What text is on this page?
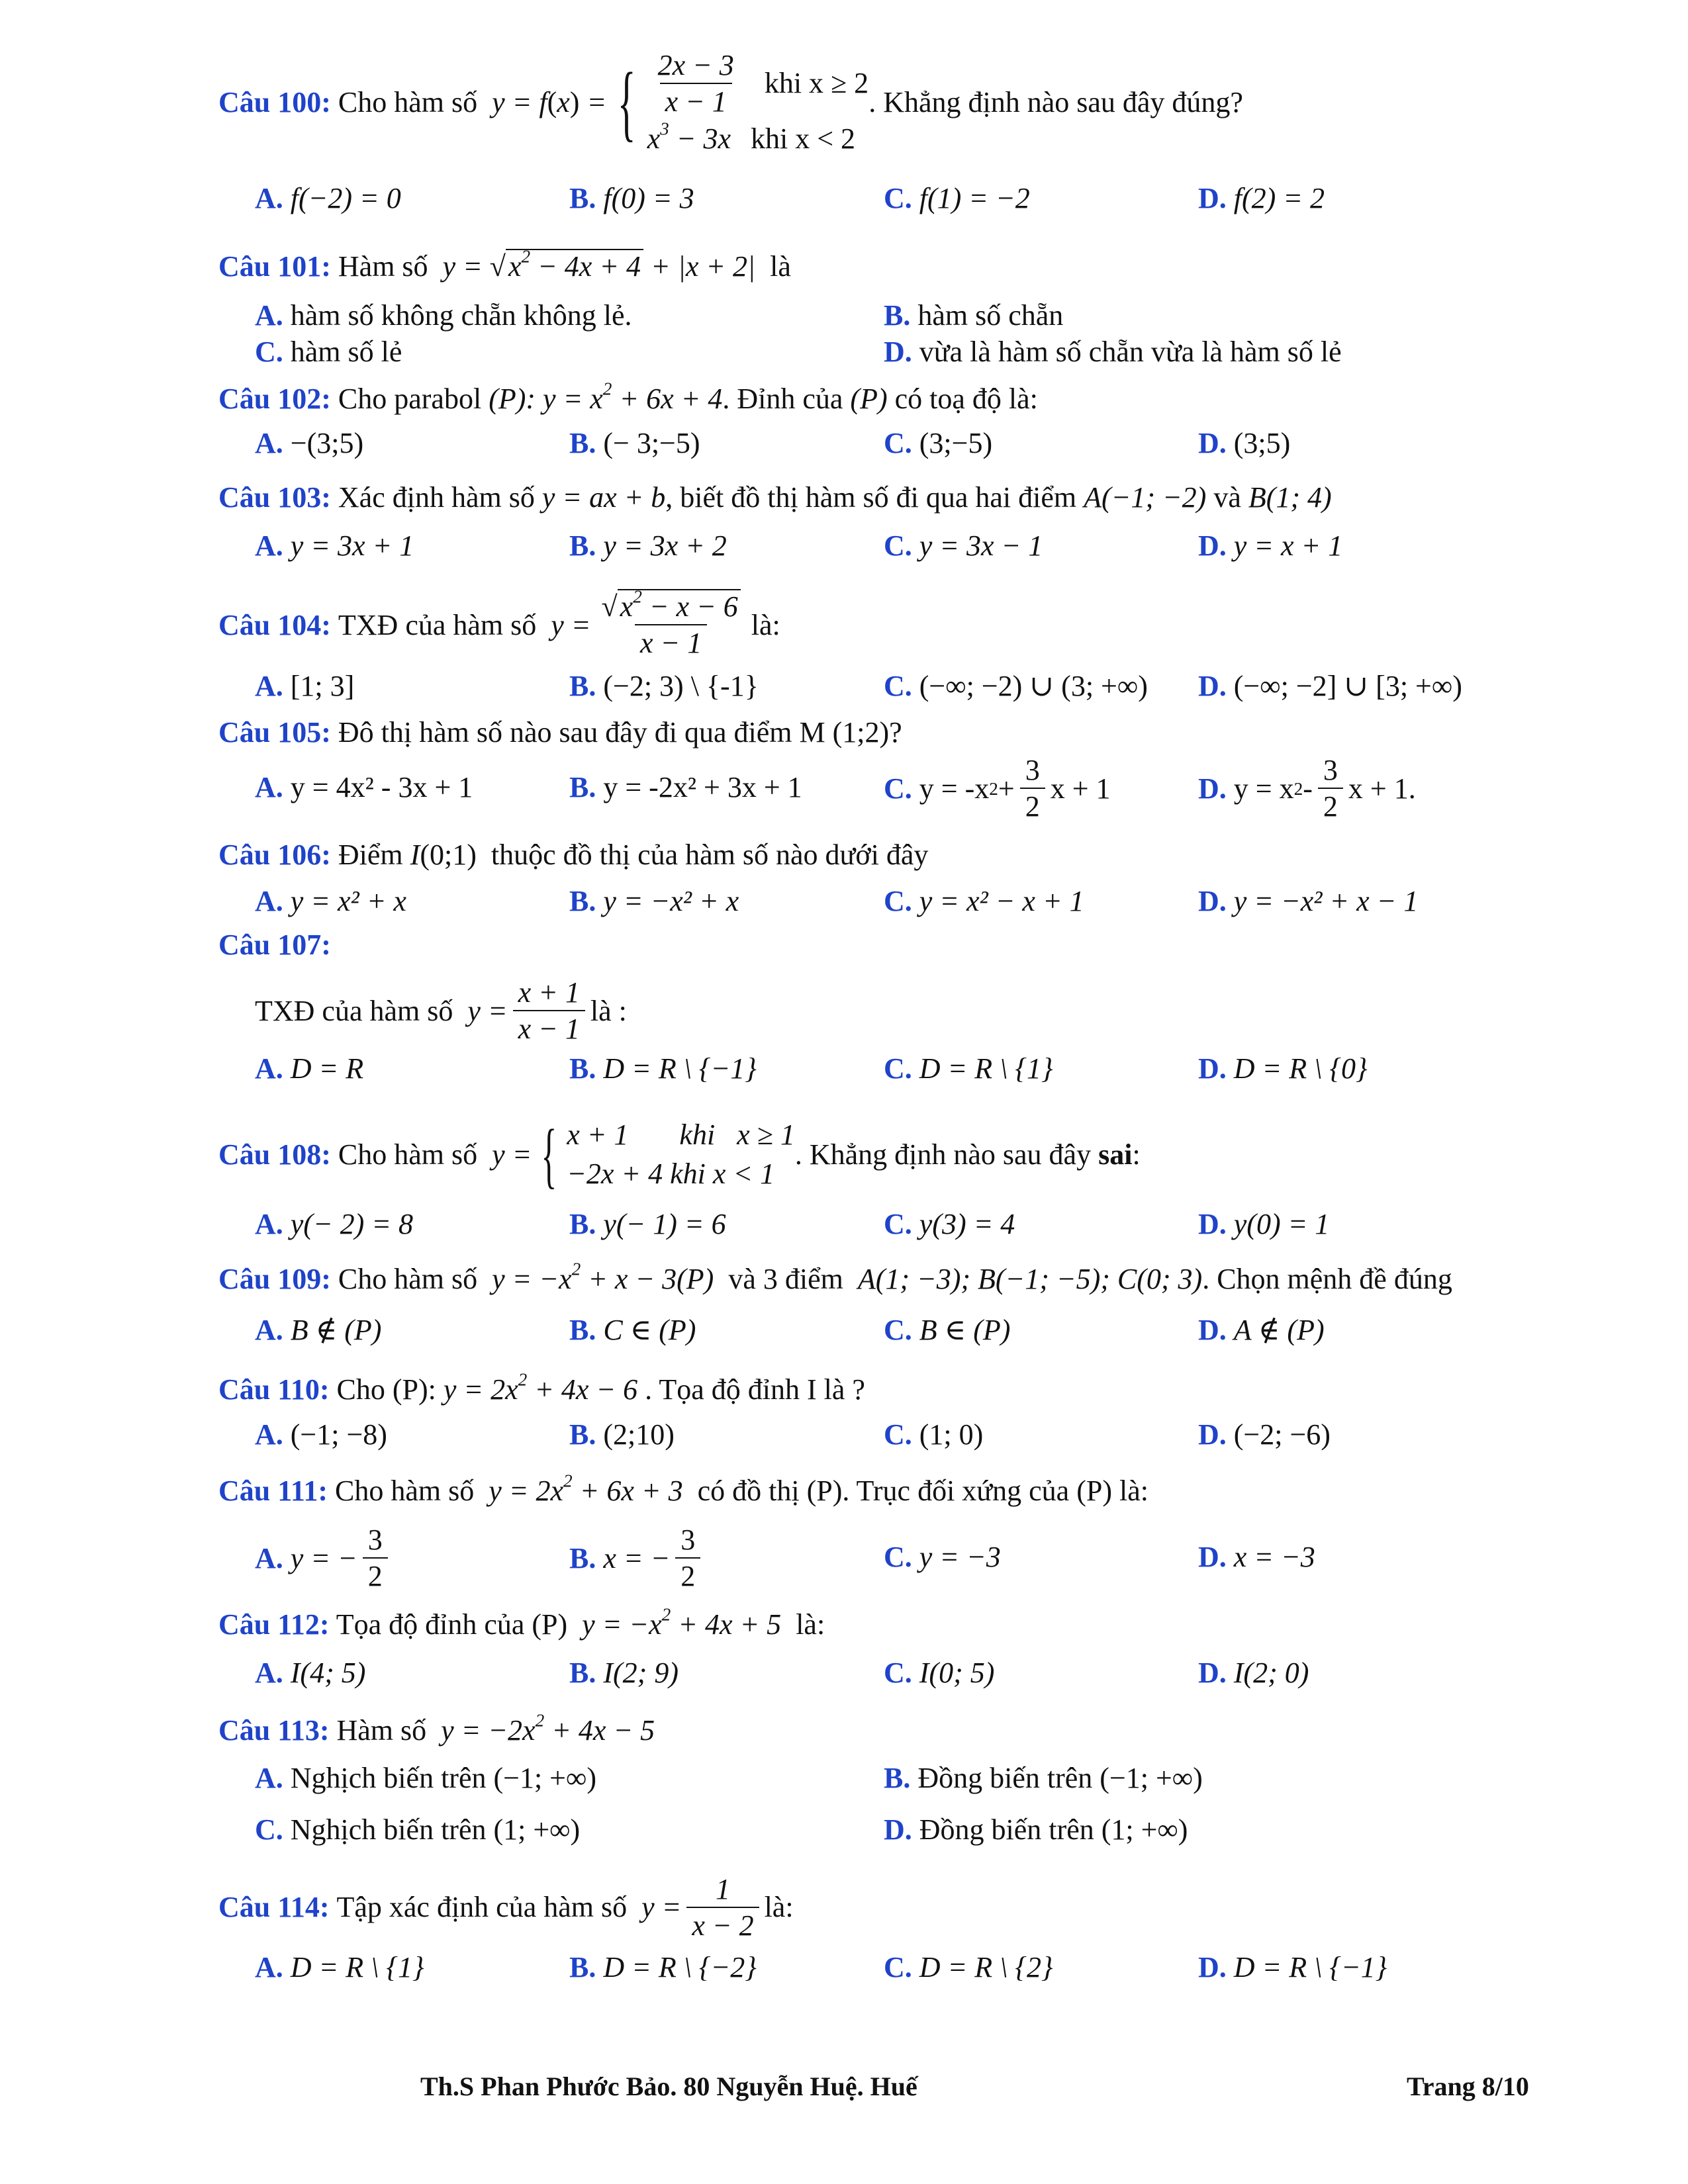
Câu 100:
Cho hàm số
y = f(x) = { $\frac{2x - 3}{x - 1}$ khi x ≥ 2
$x^3 - 3x$ khi x < 2
. Khẳng định nào sau đây đúng?
A. f(−2) = 0	B. f(0) = 3	C. f(1) = −2	D. f(2) = 2
Câu 101: Hàm số $y = √x^2 - 4x + 4 + |x + 2|$ là
A. hàm số không chẵn không lẻ.	B. hàm số chẵn
C. hàm số lẻ	D. vừa là hàm số chẵn vừa là hàm số lẻ
Câu 102: Cho parabol (P): $y = x^2 + 6x + 4$. Đỉnh của (P) có toạ độ là:
A. −(3;5)	B. (− 3;−5)	C. (3;−5)	D. (3;5)
Câu 103: Xác định hàm số y = ax + b, biết đồ thị hàm số đi qua hai điểm A(−1; −2) và B(1; 4)
A. y = 3x + 1	B. y = 3x + 2	C. y = 3x − 1	D. y = x + 1
Câu 104:
TXĐ của hàm số
$y = \frac{√x^2 - x - 6}{x - 1}$ là:
A. [1; 3]	B. (−2; 3) \ {-1}	C. (−∞; −2) ∪ (3; +∞) D. (−∞; −2] ∪ [3; +∞)
Câu 105: Đô thị hàm số nào sau đây đi qua điểm M (1;2)?
A. y = 4x² - 3x + 1	B. y = -2x² + 3x + 1	C. y = -x $2 + \frac{3}{2}$ x + 1	D. y = x $2 - \frac{3}{2}$ x + 1.
Câu 106: Điểm I(0;1)  thuộc đồ thị của hàm số nào dưới đây
A. y = x² + x	B. y = −x² + x	C. y = x² − x + 1	D. y = −x² + x − 1
Câu 107:
TXĐ của hàm số
$y = \frac{x + 1}{x - 1}$ là :
A. D = R	B. D = R \ {−1}	C. D = R \ {1}	D. D = R \ {0}
Câu 108:
Cho hàm số
y = { x + 1       khi   x ≥ 1
−2x + 4 khi x < 1
. Khẳng định nào sau đây
sai :
A. y(− 2) = 8	B. y(− 1) = 6	C. y(3) = 4	D. y(0) = 1
Câu 109: Cho hàm số $y = -x^2 + x - 3(P)$ và 3 điểm A(1; −3); B(−1; −5); C(0; 3). Chọn mệnh đề đúng
A. B ∉ (P)	B. C ∈ (P)	C. B ∈ (P)	D. A ∉ (P)
Câu 110: Cho (P): $y = 2x^2 + 4x - 6$ . Tọa độ đỉnh I là ?
A. (−1; −8)	B. (2;10)	C. (1; 0)	D. (−2; −6)
Câu 111: Cho hàm số $y = 2x^2 + 6x + 3$ có đồ thị (P). Trục đối xứng của (P) là:
A.
y = − $\frac{3}{2}$	B.
x = − $\frac{3}{2}$	C. y = −3	D. x = −3
Câu 112: Tọa độ đỉnh của (P) $y = -x^2 + 4x + 5$ là:
A. I(4; 5)	B. I(2; 9)	C. I(0; 5)	D. I(2; 0)
Câu 113: Hàm số $y = -2x^2 + 4x - 5$
A. Nghịch biến trên (−1; +∞)	B. Đồng biến trên (−1; +∞)
C. Nghịch biến trên (1; +∞)	D. Đồng biến trên (1; +∞)
Câu 114:
Tập xác định của hàm số
$y = \frac{1}{x - 2}$ là:
A. D = R \ {1}	B. D = R \ {−2}	C. D = R \ {2}	D. D = R \ {−1}
Th.S Phan Phước Bảo. 80 Nguyễn Huệ. Huế	Trang 8/10
